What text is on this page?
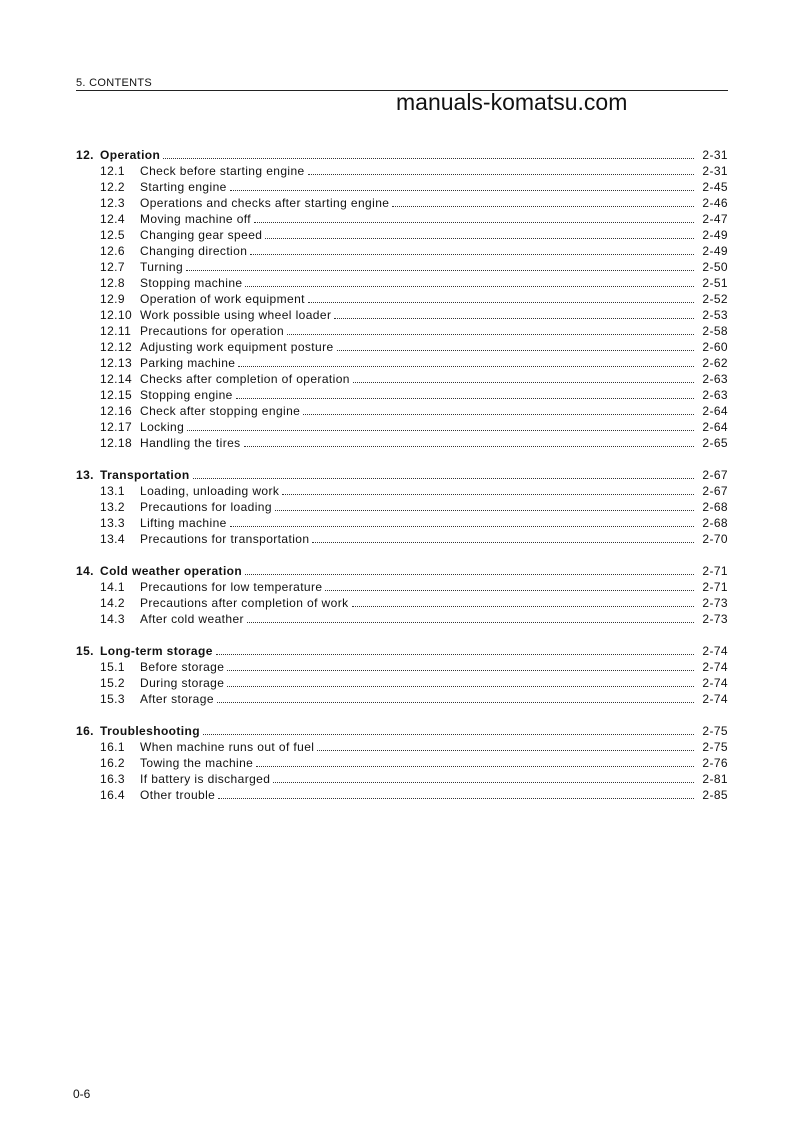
5. CONTENTS
manuals-komatsu.com
12. Operation	2-31
12.1	Check before starting engine	2-31
12.2	Starting engine	2-45
12.3	Operations and checks after starting engine	2-46
12.4	Moving machine off	2-47
12.5	Changing gear speed	2-49
12.6	Changing direction	2-49
12.7	Turning	2-50
12.8	Stopping machine	2-51
12.9	Operation of work equipment	2-52
12.10 Work possible using wheel loader	2-53
12.11 Precautions for operation	2-58
12.12 Adjusting work equipment posture	2-60
12.13 Parking machine	2-62
12.14 Checks after completion of operation	2-63
12.15 Stopping engine	2-63
12.16 Check after stopping engine	2-64
12.17 Locking	2-64
12.18 Handling the tires	2-65
13. Transportation	2-67
13.1	Loading, unloading work	2-67
13.2	Precautions for loading	2-68
13.3	Lifting machine	2-68
13.4	Precautions for transportation	2-70
14. Cold weather operation	2-71
14.1	Precautions for low temperature	2-71
14.2	Precautions after completion of work	2-73
14.3	After cold weather	2-73
15. Long-term storage	2-74
15.1	Before storage	2-74
15.2	During storage	2-74
15.3	After storage	2-74
16. Troubleshooting	2-75
16.1	When machine runs out of fuel	2-75
16.2	Towing the machine	2-76
16.3	If battery is discharged	2-81
16.4	Other trouble	2-85
0-6
